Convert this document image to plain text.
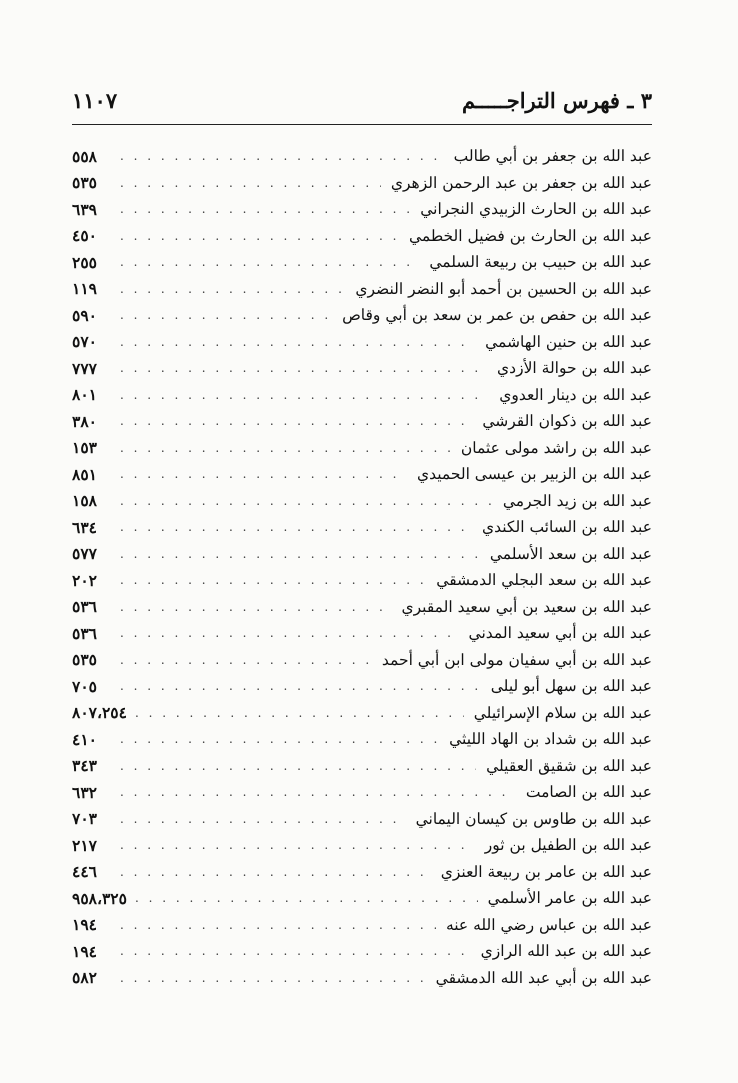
٣ ـ فهرس التراجـــــم
١١٠٧
عبد الله بن جعفر بن أبي طالب
. . .
٥٥٨
عبد الله بن جعفر بن عبد الرحمن الزهري
. . .
٥٣٥
عبد الله بن الحارث الزبيدي النجراني
. . .
٦٣٩
عبد الله بن الحارث بن فضيل الخطمي
. . .
٤٥٠
عبد الله بن حبيب بن ربيعة السلمي
. . .
٢٥٥
عبد الله بن الحسين بن أحمد أبو النضر النضري
. . .
١١٩
عبد الله بن حفص بن عمر بن سعد بن أبي وقاص
. . .
٥٩٠
عبد الله بن حنين الهاشمي
. . .
٥٧٠
عبد الله بن حوالة الأزدي
. . .
٧٧٧
عبد الله بن دينار العدوي
. . .
٨٠١
عبد الله بن ذكوان القرشي
. . .
٣٨٠
عبد الله بن راشد مولى عثمان
. . .
١٥٣
عبد الله بن الزبير بن عيسى الحميدي
. . .
٨٥١
عبد الله بن زيد الجرمي
. . .
١٥٨
عبد الله بن السائب الكندي
. . .
٦٣٤
عبد الله بن سعد الأسلمي
. . .
٥٧٧
عبد الله بن سعد البجلي الدمشقي
. . .
٢٠٢
عبد الله بن سعيد بن أبي سعيد المقبري
. . .
٥٣٦
عبد الله بن أبي سعيد المدني
. . .
٥٣٦
عبد الله بن أبي سفيان مولى ابن أبي أحمد
. . .
٥٣٥
عبد الله بن سهل أبو ليلى
. . .
٧٠٥
عبد الله بن سلام الإسرائيلي
. . .
٨٠٧،٢٥٤
عبد الله بن شداد بن الهاد الليثي
. . .
٤١٠
عبد الله بن شقيق العقيلي
. . .
٣٤٣
عبد الله بن الصامت
. . .
٦٣٢
عبد الله بن طاوس بن كيسان اليماني
. . .
٧٠٣
عبد الله بن الطفيل بن ثور
. . .
٢١٧
عبد الله بن عامر بن ربيعة العنزي
. . .
٤٤٦
عبد الله بن عامر الأسلمي
. . .
٩٥٨،٣٢٥
عبد الله بن عباس رضي الله عنه
. . .
١٩٤
عبد الله بن عبد الله الرازي
. . .
١٩٤
عبد الله بن أبي عبد الله الدمشقي
. . .
٥٨٢
